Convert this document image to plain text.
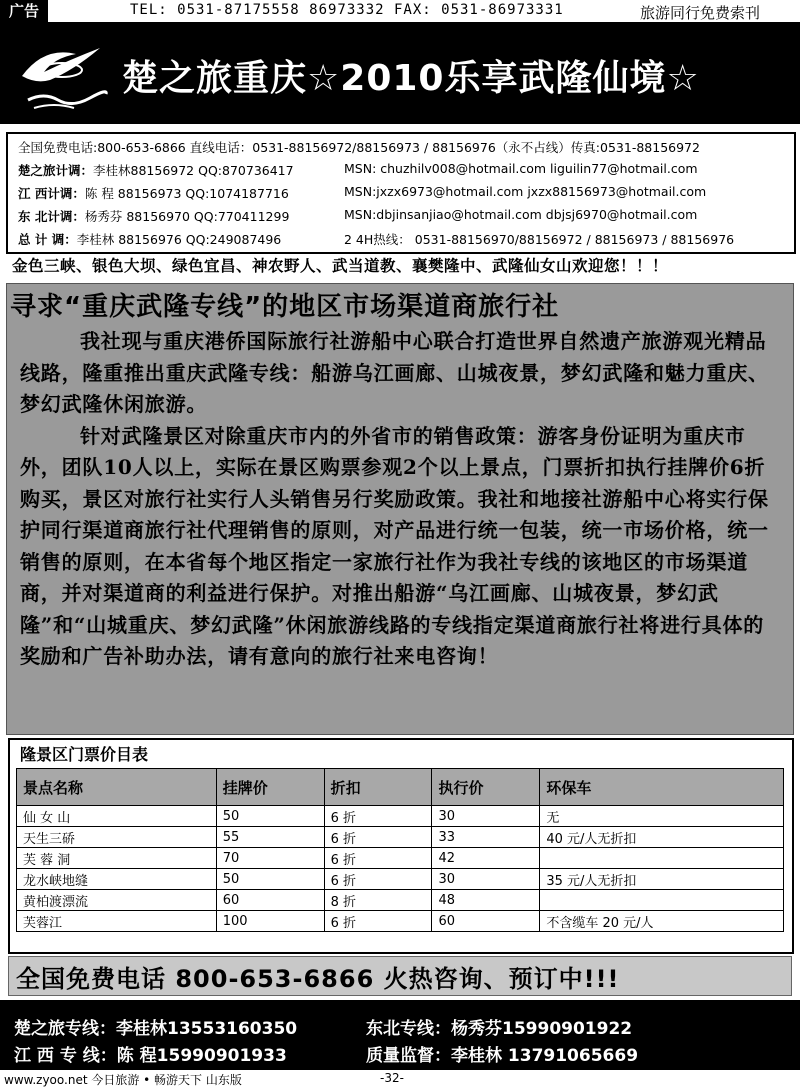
广告	TEL: 0531-87175558 86973332 FAX: 0531-86973331	旅游同行免费索刊
楚之旅重庆☆2010乐享武隆仙境☆
全国免费电话:800-653-6866 直线电话：0531-88156972/88156973 / 88156976（永不占线）传真:0531-88156972
楚之旅计调：李桂林88156972 QQ:870736417	MSN: chuzhilv008@hotmail.com liguilin77@hotmail.com
江 西计调：陈 程 88156973 QQ:1074187716	MSN:jxzx6973@hotmail.com jxzx88156973@hotmail.com
东 北计调：杨秀芬 88156970 QQ:770411299	MSN:dbjinsanjiao@hotmail.com dbjsj6970@hotmail.com
总 计 调：李桂林 88156976 QQ:249087496	2 4H热线： 0531-88156970/88156972 / 88156973 / 88156976
金色三峡、银色大坝、绿色宜昌、神农野人、武当道教、襄樊隆中、武隆仙女山欢迎您！！！
寻求“重庆武隆专线”的地区市场渠道商旅行社

我社现与重庆港侨国际旅行社游船中心联合打造世界自然遗产旅游观光精品线路，隆重推出重庆武隆专线：船游乌江画廊、山城夜景，梦幻武隆和魅力重庆、梦幻武隆休闲旅游。

针对武隆景区对除重庆市内的外省市的销售政策：游客身份证明为重庆市外，团队10人以上，实际在景区购票参观2个以上景点，门票折扣执行挂牌价6折购买，景区对旅行社实行人头销售另行奖励政策。我社和地接社游船中心将实行保护同行渠道商旅行社代理销售的原则，对产品进行统一包装，统一市场价格，统一销售的原则，在本省每个地区指定一家旅行社作为我社专线的该地区的市场渠道商，并对渠道商的利益进行保护。对推出船游“乌江画廊、山城夜景，梦幻武隆”和“山城重庆、梦幻武隆”休闲旅游线路的专线指定渠道商旅行社将进行具体的奖励和广告补助办法，请有意向的旅行社来电咨询！

隆景区门票价目表
景点名称	挂牌价	折扣	执行价	环保车
仙 女 山	50	6 折	30	无
天生三硚	55	6 折	33	40 元/人无折扣
芙 蓉 洞	70	6 折	42	
龙水峡地缝	50	6 折	30	35 元/人无折扣
黄柏渡漂流	60	8 折	48	
芙蓉江	100	6 折	60	不含缆车 20 元/人
全国免费电话 800-653-6866 火热咨询、预订中!!!
楚之旅专线：李桂林13553160350	东北专线：杨秀芬15990901922
江 西 专 线：陈 程15990901933	质量监督：李桂林 13791065669
www.zyoo.net 今日旅游 • 畅游天下 山东版	-32-
